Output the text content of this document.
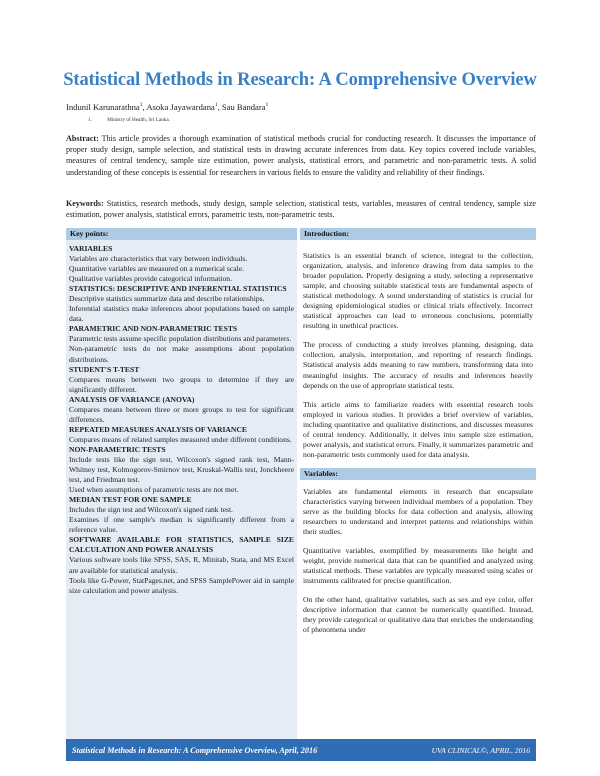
Statistical Methods in Research: A Comprehensive Overview
Indunil Karunarathna$^1$, Asoka Jayawardana$^1$, Sau Bandara$^1$
1.	Ministry of Health, Sri Lanka.
Abstract: This article provides a thorough examination of statistical methods crucial for conducting research. It discusses the importance of proper study design, sample selection, and statistical tests in drawing accurate inferences from data. Key topics covered include variables, measures of central tendency, sample size estimation, power analysis, statistical errors, and parametric and non-parametric tests. A solid understanding of these concepts is essential for researchers in various fields to ensure the validity and reliability of their findings.
Keywords: Statistics, research methods, study design, sample selection, statistical tests, variables, measures of central tendency, sample size estimation, power analysis, statistical errors, parametric tests, non-parametric tests.
Key points:
VARIABLES
Variables are characteristics that vary between individuals.
Quantitative variables are measured on a numerical scale.
Qualitative variables provide categorical information.
STATISTICS: DESCRIPTIVE AND INFERENTIAL STATISTICS
Descriptive statistics summarize data and describe relationships.
Inferential statistics make inferences about populations based on sample data.
PARAMETRIC AND NON-PARAMETRIC TESTS
Parametric tests assume specific population distributions and parameters.
Non-parametric tests do not make assumptions about population distributions.
STUDENT'S T-TEST
Compares means between two groups to determine if they are significantly different.
ANALYSIS OF VARIANCE (ANOVA)
Compares means between three or more groups to test for significant differences.
REPEATED MEASURES ANALYSIS OF VARIANCE
Compares means of related samples measured under different conditions.
NON-PARAMETRIC TESTS
Include tests like the sign test, Wilcoxon's signed rank test, Mann-Whitney test, Kolmogorov-Smirnov test, Kruskal-Wallis test, Jonckheere test, and Friedman test.
Used when assumptions of parametric tests are not met.
MEDIAN TEST FOR ONE SAMPLE
Includes the sign test and Wilcoxon's signed rank test.
Examines if one sample's median is significantly different from a reference value.
SOFTWARE AVAILABLE FOR STATISTICS, SAMPLE SIZE CALCULATION AND POWER ANALYSIS
Various software tools like SPSS, SAS, R, Minitab, Stata, and MS Excel are available for statistical analysis.
Tools like G-Power, StatPages.net, and SPSS SamplePower aid in sample size calculation and power analysis.
Introduction:
Statistics is an essential branch of science, integral to the collection, organization, analysis, and inference drawing from data samples to the broader population. Properly designing a study, selecting a representative sample, and choosing suitable statistical tests are fundamental aspects of statistical methodology. A sound understanding of statistics is crucial for designing epidemiological studies or clinical trials effectively. Incorrect statistical approaches can lead to erroneous conclusions, potentially resulting in unethical practices.
The process of conducting a study involves planning, designing, data collection, analysis, interpretation, and reporting of research findings. Statistical analysis adds meaning to raw numbers, transforming data into meaningful insights. The accuracy of results and inferences heavily depends on the use of appropriate statistical tests.
This article aims to familiarize readers with essential research tools employed in various studies. It provides a brief overview of variables, including quantitative and qualitative distinctions, and discusses measures of central tendency. Additionally, it delves into sample size estimation, power analysis, and statistical errors. Finally, it summarizes parametric and non-parametric tests commonly used for data analysis.
Variables:
Variables are fundamental elements in research that encapsulate characteristics varying between individual members of a population. They serve as the building blocks for data collection and analysis, allowing researchers to understand and interpret patterns and relationships within their studies.
Quantitative variables, exemplified by measurements like height and weight, provide numerical data that can be quantified and analyzed using statistical methods. These variables are typically measured using scales or instruments calibrated for precise quantification.
On the other hand, qualitative variables, such as sex and eye color, offer descriptive information that cannot be numerically quantified. Instead, they provide categorical or qualitative data that enriches the understanding of phenomena under
Statistical Methods in Research: A Comprehensive Overview, April, 2016	UVA CLINICAL©, APRIL, 2016
